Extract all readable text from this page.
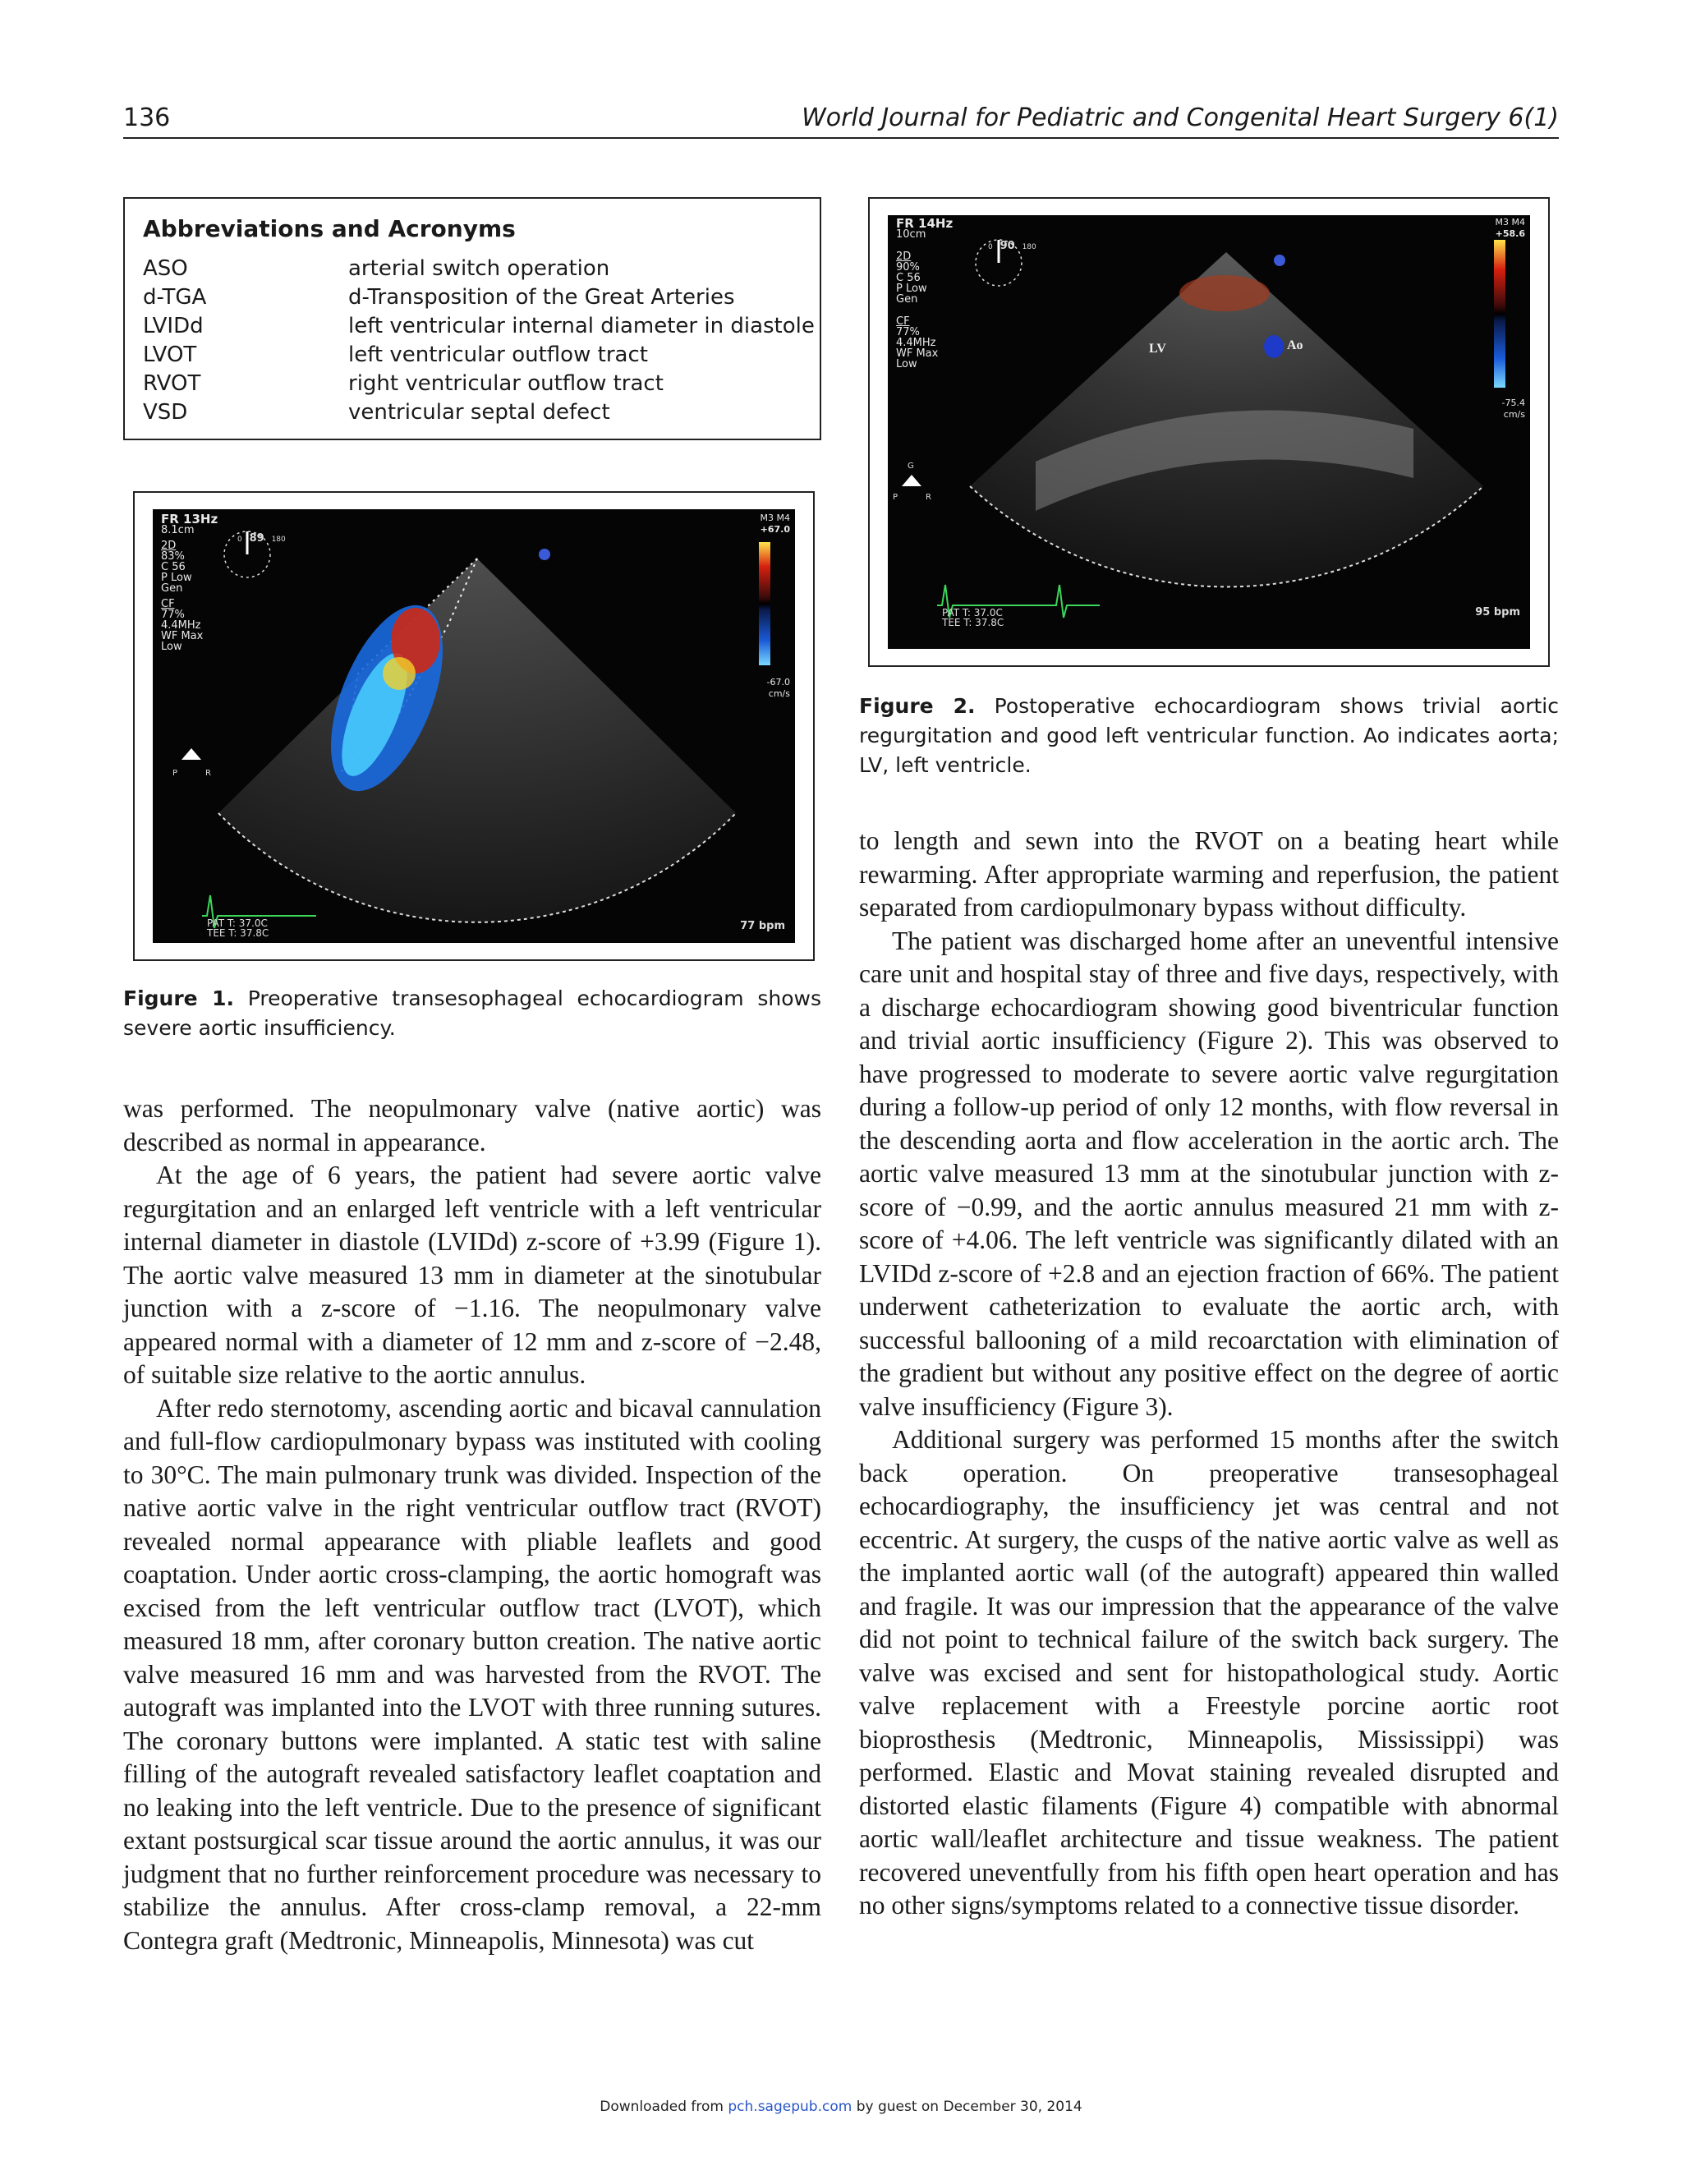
136	World Journal for Pediatric and Congenital Heart Surgery 6(1)
Abbreviations and Acronyms
ASO	arterial switch operation
d-TGA	d-Transposition of the Great Arteries
LVIDd	left ventricular internal diameter in diastole
LVOT	left ventricular outflow tract
RVOT	right ventricular outflow tract
VSD	ventricular septal defect
FR 13Hz
8.1cm
2D
83%
C 56
P Low
Gen
CF
77%
4.4MHz
WF Max
Low
0 89 180
P	R
M3 M4
+67.0
-67.0
cm/s
PAT T: 37.0C
TEE T: 37.8C
77 bpm
Figure 1. Preoperative transesophageal echocardiogram shows severe aortic insufficiency.
FR 14Hz
10cm
2D
90%
C 56
P Low
Gen
CF
77%
4.4MHz
WF Max
Low
0 90 180
LV	Ao
G
P	R
M3 M4
+58.6
-75.4
cm/s
PAT T: 37.0C
TEE T: 37.8C
95 bpm
Figure 2. Postoperative echocardiogram shows trivial aortic regurgitation and good left ventricular function. Ao indicates aorta; LV, left ventricle.

was performed. The neopulmonary valve (native aortic) was described as normal in appearance.

At the age of 6 years, the patient had severe aortic valve regurgitation and an enlarged left ventricle with a left ventricular internal diameter in diastole (LVIDd) z-score of +3.99 (Figure 1). The aortic valve measured 13 mm in diameter at the sinotubular junction with a z-score of −1.16. The neopulmonary valve appeared normal with a diameter of 12 mm and z-score of −2.48, of suitable size relative to the aortic annulus.

After redo sternotomy, ascending aortic and bicaval cannulation and full-flow cardiopulmonary bypass was instituted with cooling to 30°C. The main pulmonary trunk was divided. Inspection of the native aortic valve in the right ventricular outflow tract (RVOT) revealed normal appearance with pliable leaflets and good coaptation. Under aortic cross-clamping, the aortic homograft was excised from the left ventricular outflow tract (LVOT), which measured 18 mm, after coronary button creation. The native aortic valve measured 16 mm and was harvested from the RVOT. The autograft was implanted into the LVOT with three running sutures. The coronary buttons were implanted. A static test with saline filling of the autograft revealed satisfactory leaflet coaptation and no leaking into the left ventricle. Due to the presence of significant extant postsurgical scar tissue around the aortic annulus, it was our judgment that no further reinforcement procedure was necessary to stabilize the annulus. After cross-clamp removal, a 22-mm Contegra graft (Medtronic, Minneapolis, Minnesota) was cut

to length and sewn into the RVOT on a beating heart while rewarming. After appropriate warming and reperfusion, the patient separated from cardiopulmonary bypass without difficulty.

The patient was discharged home after an uneventful intensive care unit and hospital stay of three and five days, respectively, with a discharge echocardiogram showing good biventricular function and trivial aortic insufficiency (Figure 2). This was observed to have progressed to moderate to severe aortic valve regurgitation during a follow-up period of only 12 months, with flow reversal in the descending aorta and flow acceleration in the aortic arch. The aortic valve measured 13 mm at the sinotubular junction with z-score of −0.99, and the aortic annulus measured 21 mm with z-score of +4.06. The left ventricle was significantly dilated with an LVIDd z-score of +2.8 and an ejection fraction of 66%. The patient underwent catheterization to evaluate the aortic arch, with successful ballooning of a mild recoarctation with elimination of the gradient but without any positive effect on the degree of aortic valve insufficiency (Figure 3).

Additional surgery was performed 15 months after the switch back operation. On preoperative transesophageal echocardiography, the insufficiency jet was central and not eccentric. At surgery, the cusps of the native aortic valve as well as the implanted aortic wall (of the autograft) appeared thin walled and fragile. It was our impression that the appearance of the valve did not point to technical failure of the switch back surgery. The valve was excised and sent for histopathological study. Aortic valve replacement with a Freestyle porcine aortic root bioprosthesis (Medtronic, Minneapolis, Mississippi) was performed. Elastic and Movat staining revealed disrupted and distorted elastic filaments (Figure 4) compatible with abnormal aortic wall/leaflet architecture and tissue weakness. The patient recovered uneventfully from his fifth open heart operation and has no other signs/symptoms related to a connective tissue disorder.

Downloaded from pch.sagepub.com by guest on December 30, 2014
